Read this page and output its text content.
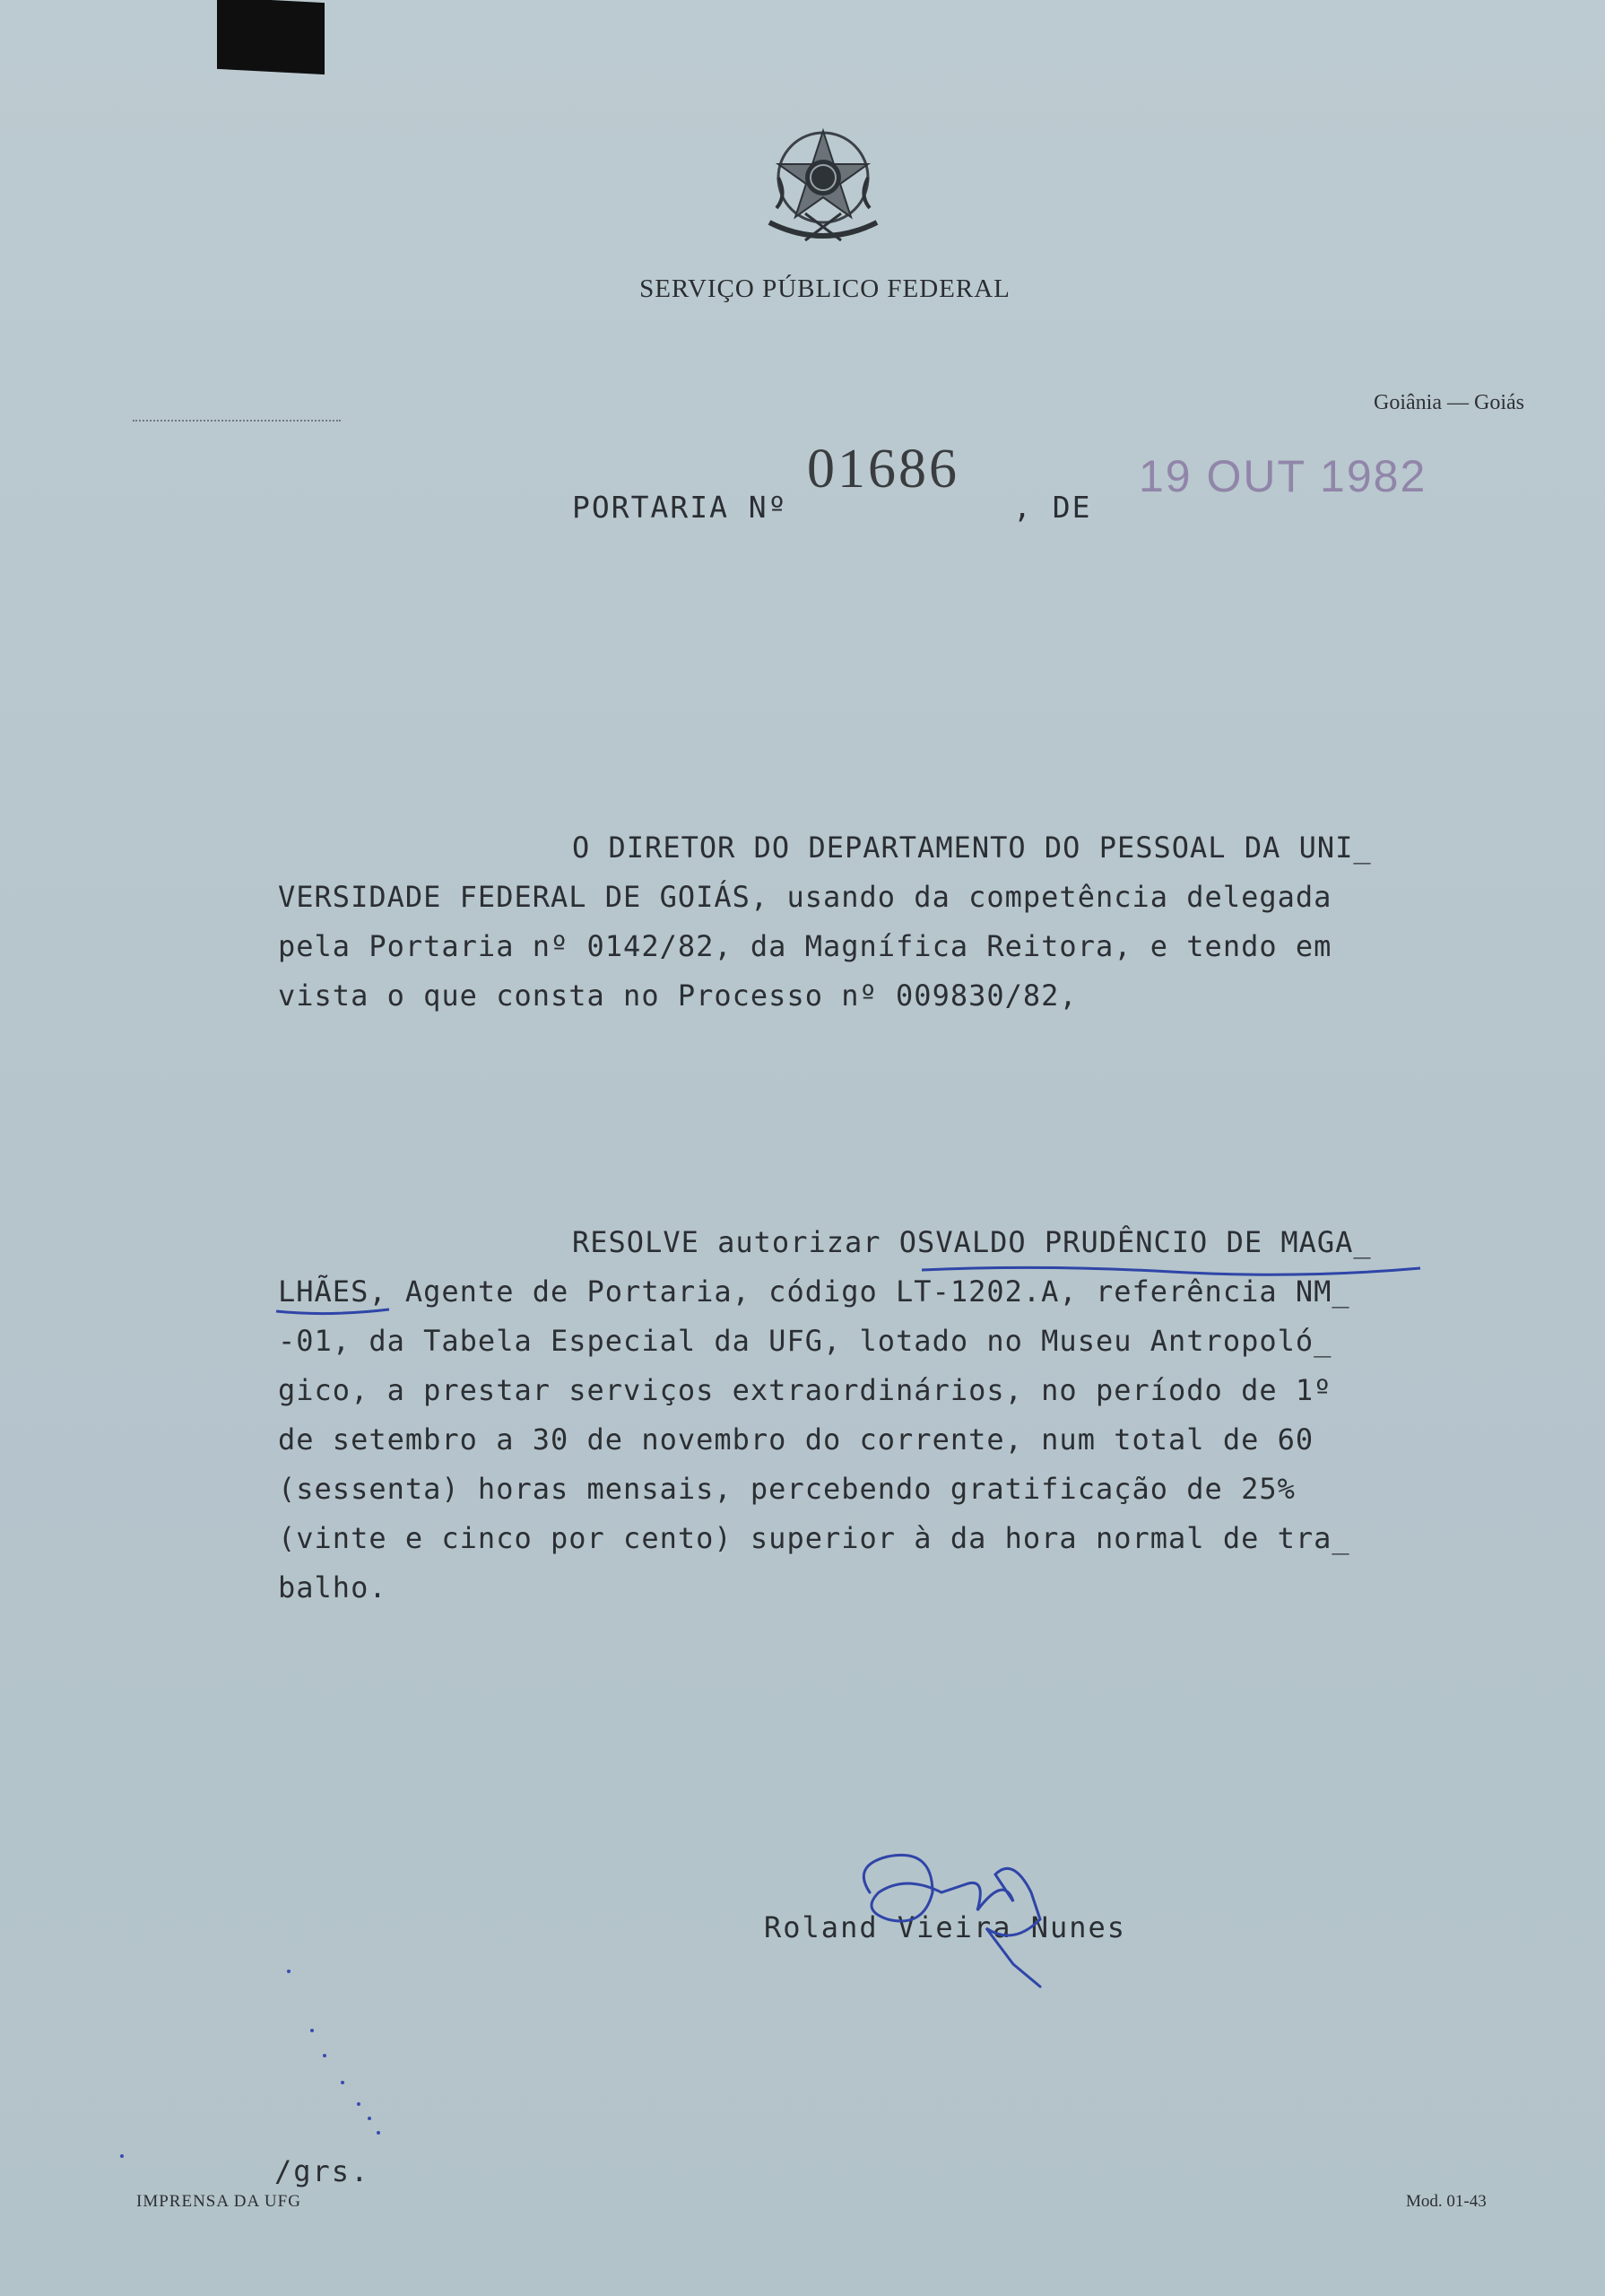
SERVIÇO PÚBLICO FEDERAL
Goiânia — Goiás
PORTARIA Nº
01686
, DE
19 OUT 1982
O DIRETOR DO DEPARTAMENTO DO PESSOAL DA UNI_
VERSIDADE FEDERAL DE GOIÁS, usando da competência delegada
pela Portaria nº 0142/82, da Magnífica Reitora, e tendo em
vista o que consta no Processo nº 009830/82,
RESOLVE autorizar OSVALDO PRUDÊNCIO DE MAGA_
LHÃES, Agente de Portaria, código LT-1202.A, referência NM_
-01, da Tabela Especial da UFG, lotado no Museu Antropoló_
gico, a prestar serviços extraordinários, no período de 1º
de setembro a 30 de novembro do corrente, num total de 60
(sessenta) horas mensais, percebendo gratificação de 25%
(vinte e cinco por cento) superior à da hora normal de tra_
balho.
Roland Vieira Nunes
/grs.
IMPRENSA DA UFG	Mod. 01-43
